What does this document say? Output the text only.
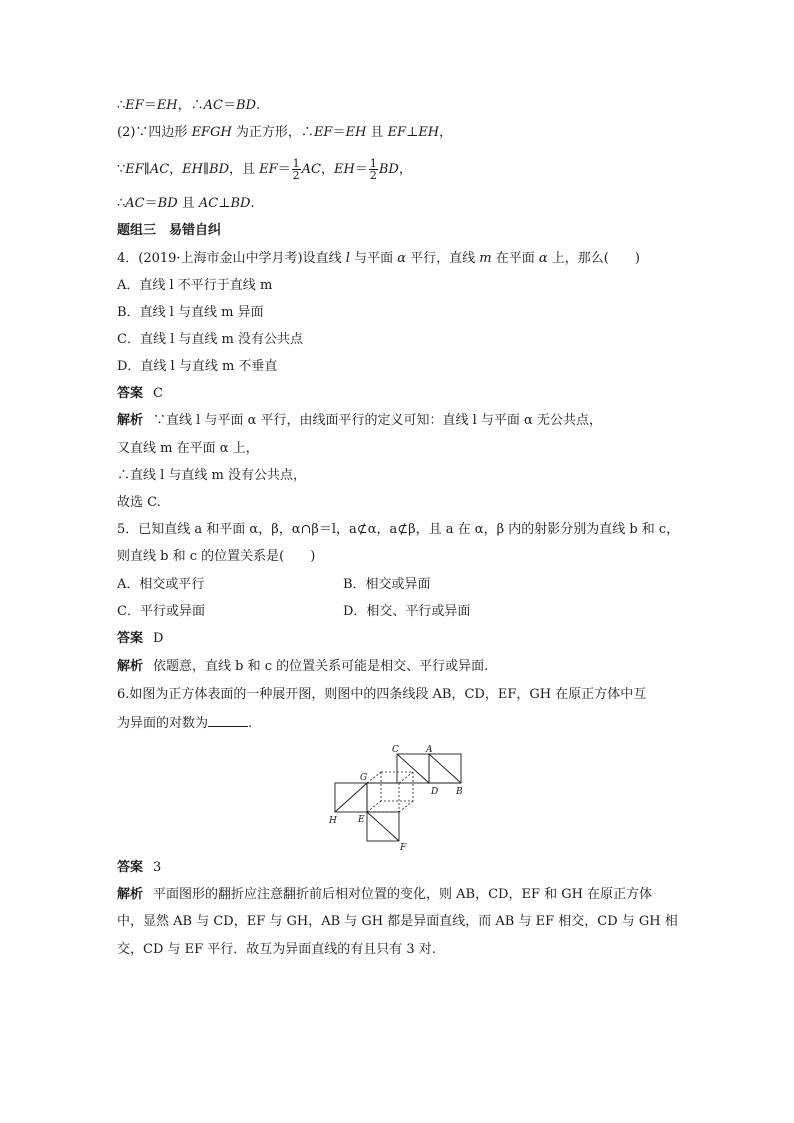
∴EF＝EH，∴AC＝BD.
(2)∵四边形 EFGH 为正方形，∴EF＝EH 且 EF⊥EH，
∵EF∥AC，EH∥BD，且 $EF= \frac{1}{2}$ AC，$EH= \frac{1}{2}$ BD，
∴AC＝BD 且 AC⊥BD.
题组三　易错自纠
4．(2019·上海市金山中学月考)设直线 l 与平面 α 平行，直线 m 在平面 α 上，那么(　　)
A．直线 l 不平行于直线 m
B．直线 l 与直线 m 异面
C．直线 l 与直线 m 没有公共点
D．直线 l 与直线 m 不垂直
答案 C
解析 ∵直线 l 与平面 α 平行，由线面平行的定义可知：直线 l 与平面 α 无公共点，
又直线 m 在平面 α 上，
∴直线 l 与直线 m 没有公共点，
故选 C.
5．已知直线 a 和平面 α，β，α∩β＝l，a⊄α，a⊄β，且 a 在 α，β 内的射影分别为直线 b 和 c，
则直线 b 和 c 的位置关系是(　　)
A．相交或平行	B．相交或异面
C．平行或异面	D．相交、平行或异面
答案 D
解析 依题意，直线 b 和 c 的位置关系可能是相交、平行或异面.
6.如图为正方体表面的一种展开图，则图中的四条线段 AB，CD，EF，GH 在原正方体中互
为异面的对数为	.
C	A
G
D B
H E
F
答案 3
解析 平面图形的翻折应注意翻折前后相对位置的变化，则 AB，CD，EF 和 GH 在原正方体
中，显然 AB 与 CD，EF 与 GH，AB 与 GH 都是异面直线，而 AB 与 EF 相交，CD 与 GH 相
交，CD 与 EF 平行．故互为异面直线的有且只有 3 对.
